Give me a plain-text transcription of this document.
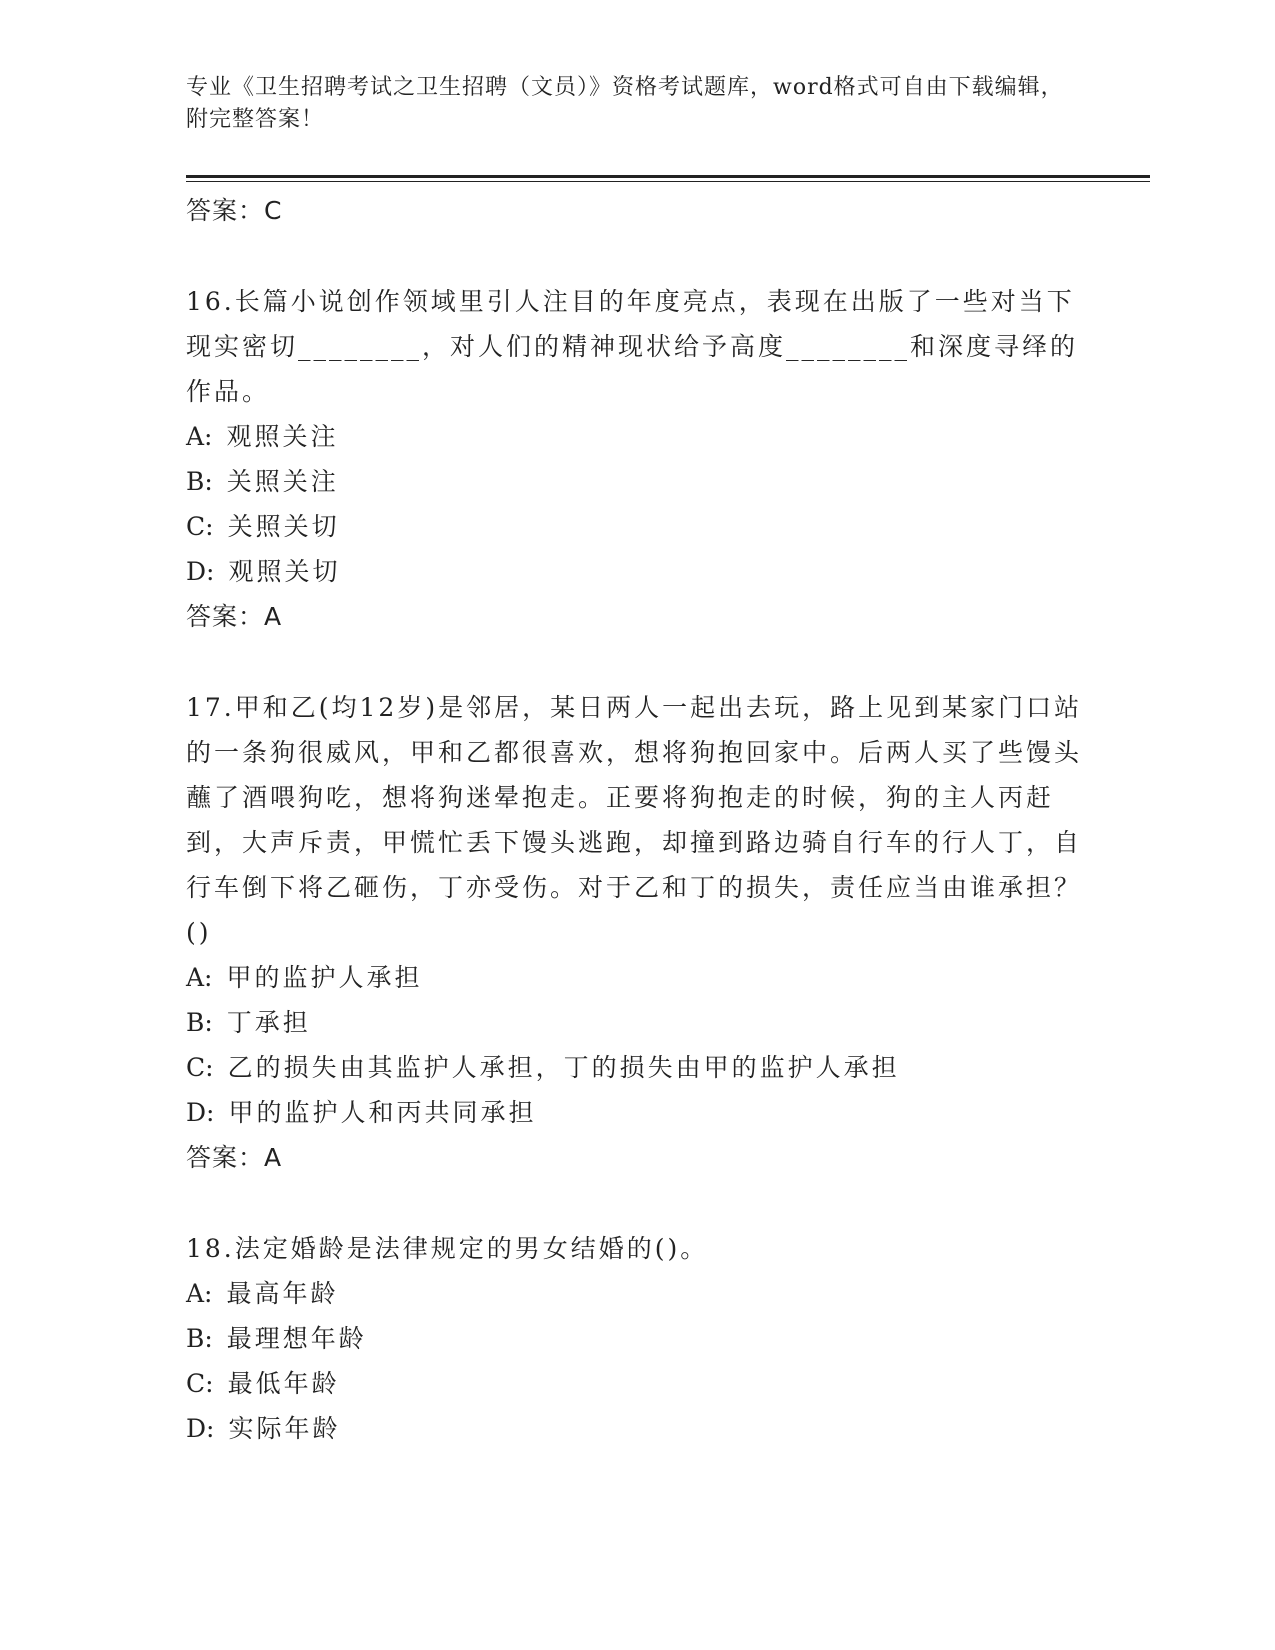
专业《卫生招聘考试之卫生招聘（文员）》资格考试题库，word格式可自由下载编辑，附完整答案！
答案：C

16.长篇小说创作领域里引人注目的年度亮点，表现在出版了一些对当下现实密切________，对人们的精神现状给予高度________和深度寻绎的作品。

A: 观照关注
B: 关照关注
C: 关照关切
D: 观照关切
答案：A

17.甲和乙(均12岁)是邻居，某日两人一起出去玩，路上见到某家门口站的一条狗很威风，甲和乙都很喜欢，想将狗抱回家中。后两人买了些馒头蘸了酒喂狗吃，想将狗迷晕抱走。正要将狗抱走的时候，狗的主人丙赶到，大声斥责，甲慌忙丢下馒头逃跑，却撞到路边骑自行车的行人丁，自行车倒下将乙砸伤，丁亦受伤。对于乙和丁的损失，责任应当由谁承担？()

A: 甲的监护人承担
B: 丁承担
C: 乙的损失由其监护人承担，丁的损失由甲的监护人承担
D: 甲的监护人和丙共同承担
答案：A

18.法定婚龄是法律规定的男女结婚的()。

A: 最高年龄
B: 最理想年龄
C: 最低年龄
D: 实际年龄
